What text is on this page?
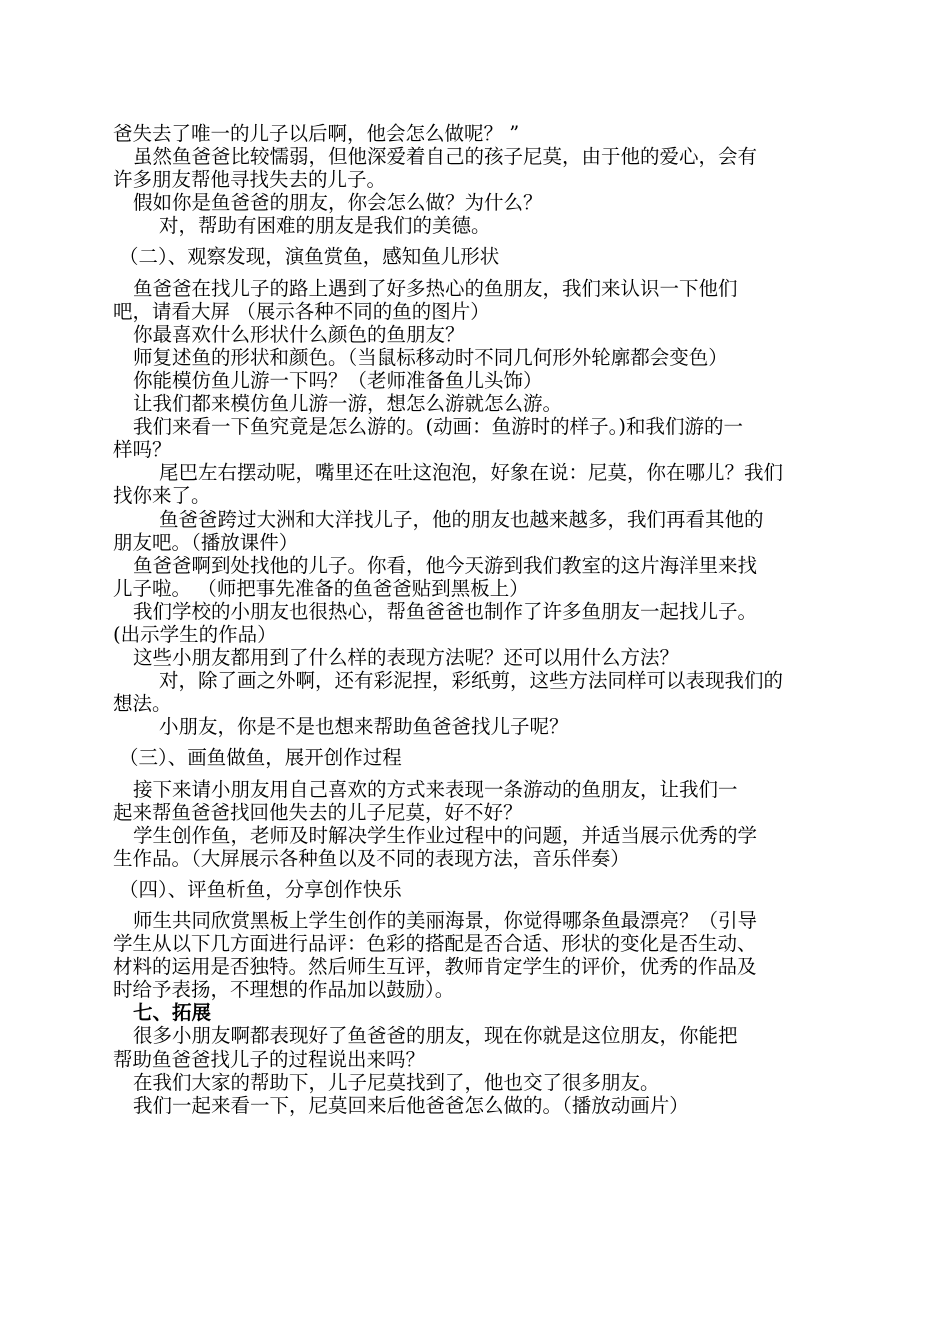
爸失去了唯一的儿子以后啊，他会怎么做呢？ ”
虽然鱼爸爸比较懦弱，但他深爱着自己的孩子尼莫，由于他的爱心，会有
许多朋友帮他寻找失去的儿子。
假如你是鱼爸爸的朋友，你会怎么做？为什么？
对，帮助有困难的朋友是我们的美德。
（二）、观察发现，演鱼赏鱼，感知鱼儿形状
鱼爸爸在找儿子的路上遇到了好多热心的鱼朋友，我们来认识一下他们
吧，请看大屏 （展示各种不同的鱼的图片）
你最喜欢什么形状什么颜色的鱼朋友？
师复述鱼的形状和颜色。（当鼠标移动时不同几何形外轮廓都会变色）
你能模仿鱼儿游一下吗？（老师准备鱼儿头饰）
让我们都来模仿鱼儿游一游，想怎么游就怎么游。
我们来看一下鱼究竟是怎么游的。(动画：鱼游时的样子。)和我们游的一
样吗？
尾巴左右摆动呢，嘴里还在吐这泡泡，好象在说：尼莫，你在哪儿？我们
找你来了。
鱼爸爸跨过大洲和大洋找儿子，他的朋友也越来越多，我们再看其他的
朋友吧。（播放课件）
鱼爸爸啊到处找他的儿子。你看，他今天游到我们教室的这片海洋里来找
儿子啦。 （师把事先准备的鱼爸爸贴到黑板上）
我们学校的小朋友也很热心，帮鱼爸爸也制作了许多鱼朋友一起找儿子。
(出示学生的作品）
这些小朋友都用到了什么样的表现方法呢？还可以用什么方法？
对，除了画之外啊，还有彩泥捏，彩纸剪，这些方法同样可以表现我们的
想法。
小朋友，你是不是也想来帮助鱼爸爸找儿子呢？
（三）、画鱼做鱼，展开创作过程
接下来请小朋友用自己喜欢的方式来表现一条游动的鱼朋友，让我们一
起来帮鱼爸爸找回他失去的儿子尼莫，好不好？
学生创作鱼，老师及时解决学生作业过程中的问题，并适当展示优秀的学
生作品。（大屏展示各种鱼以及不同的表现方法，音乐伴奏）
（四）、评鱼析鱼，分享创作快乐
师生共同欣赏黑板上学生创作的美丽海景，你觉得哪条鱼最漂亮？（引导
学生从以下几方面进行品评：色彩的搭配是否合适、形状的变化是否生动、
材料的运用是否独特。然后师生互评，教师肯定学生的评价，优秀的作品及
时给予表扬，不理想的作品加以鼓励）。
七、拓展
很多小朋友啊都表现好了鱼爸爸的朋友，现在你就是这位朋友，你能把
帮助鱼爸爸找儿子的过程说出来吗？
在我们大家的帮助下，儿子尼莫找到了，他也交了很多朋友。
我们一起来看一下，尼莫回来后他爸爸怎么做的。（播放动画片）
